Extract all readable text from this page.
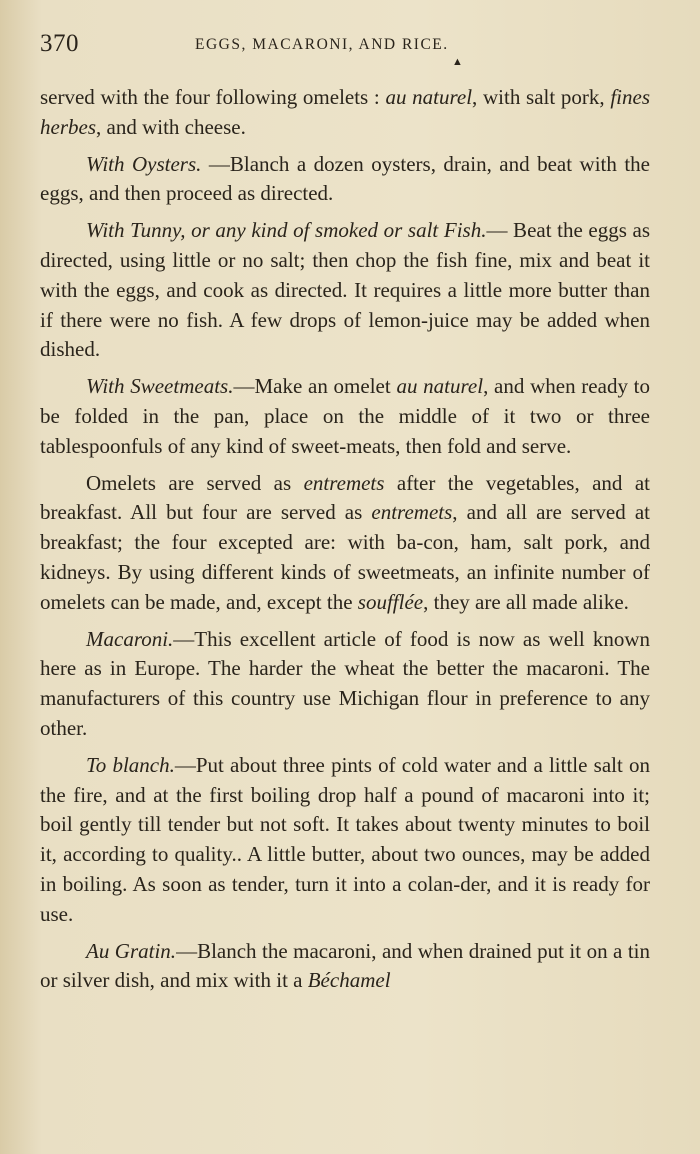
370	EGGS, MACARONI, AND RICE.
▲

served with the four following omelets : au naturel, with salt pork, fines herbes, and with cheese.

With Oysters. —Blanch a dozen oysters, drain, and beat with the eggs, and then proceed as directed.

With Tunny, or any kind of smoked or salt Fish.— Beat the eggs as directed, using little or no salt; then chop the fish fine, mix and beat it with the eggs, and cook as directed. It requires a little more butter than if there were no fish. A few drops of lemon-juice may be added when dished.

With Sweetmeats.—Make an omelet au naturel, and when ready to be folded in the pan, place on the middle of it two or three tablespoonfuls of any kind of sweet-meats, then fold and serve.

Omelets are served as entremets after the vegetables, and at breakfast. All but four are served as entremets, and all are served at breakfast; the four excepted are: with ba-con, ham, salt pork, and kidneys. By using different kinds of sweetmeats, an infinite number of omelets can be made, and, except the soufflée, they are all made alike.

Macaroni.—This excellent article of food is now as well known here as in Europe. The harder the wheat the better the macaroni. The manufacturers of this country use Michigan flour in preference to any other.

To blanch.—Put about three pints of cold water and a little salt on the fire, and at the first boiling drop half a pound of macaroni into it; boil gently till tender but not soft. It takes about twenty minutes to boil it, according to quality.. A little butter, about two ounces, may be added in boiling. As soon as tender, turn it into a colan-der, and it is ready for use.

Au Gratin.—Blanch the macaroni, and when drained put it on a tin or silver dish, and mix with it a Béchamel
